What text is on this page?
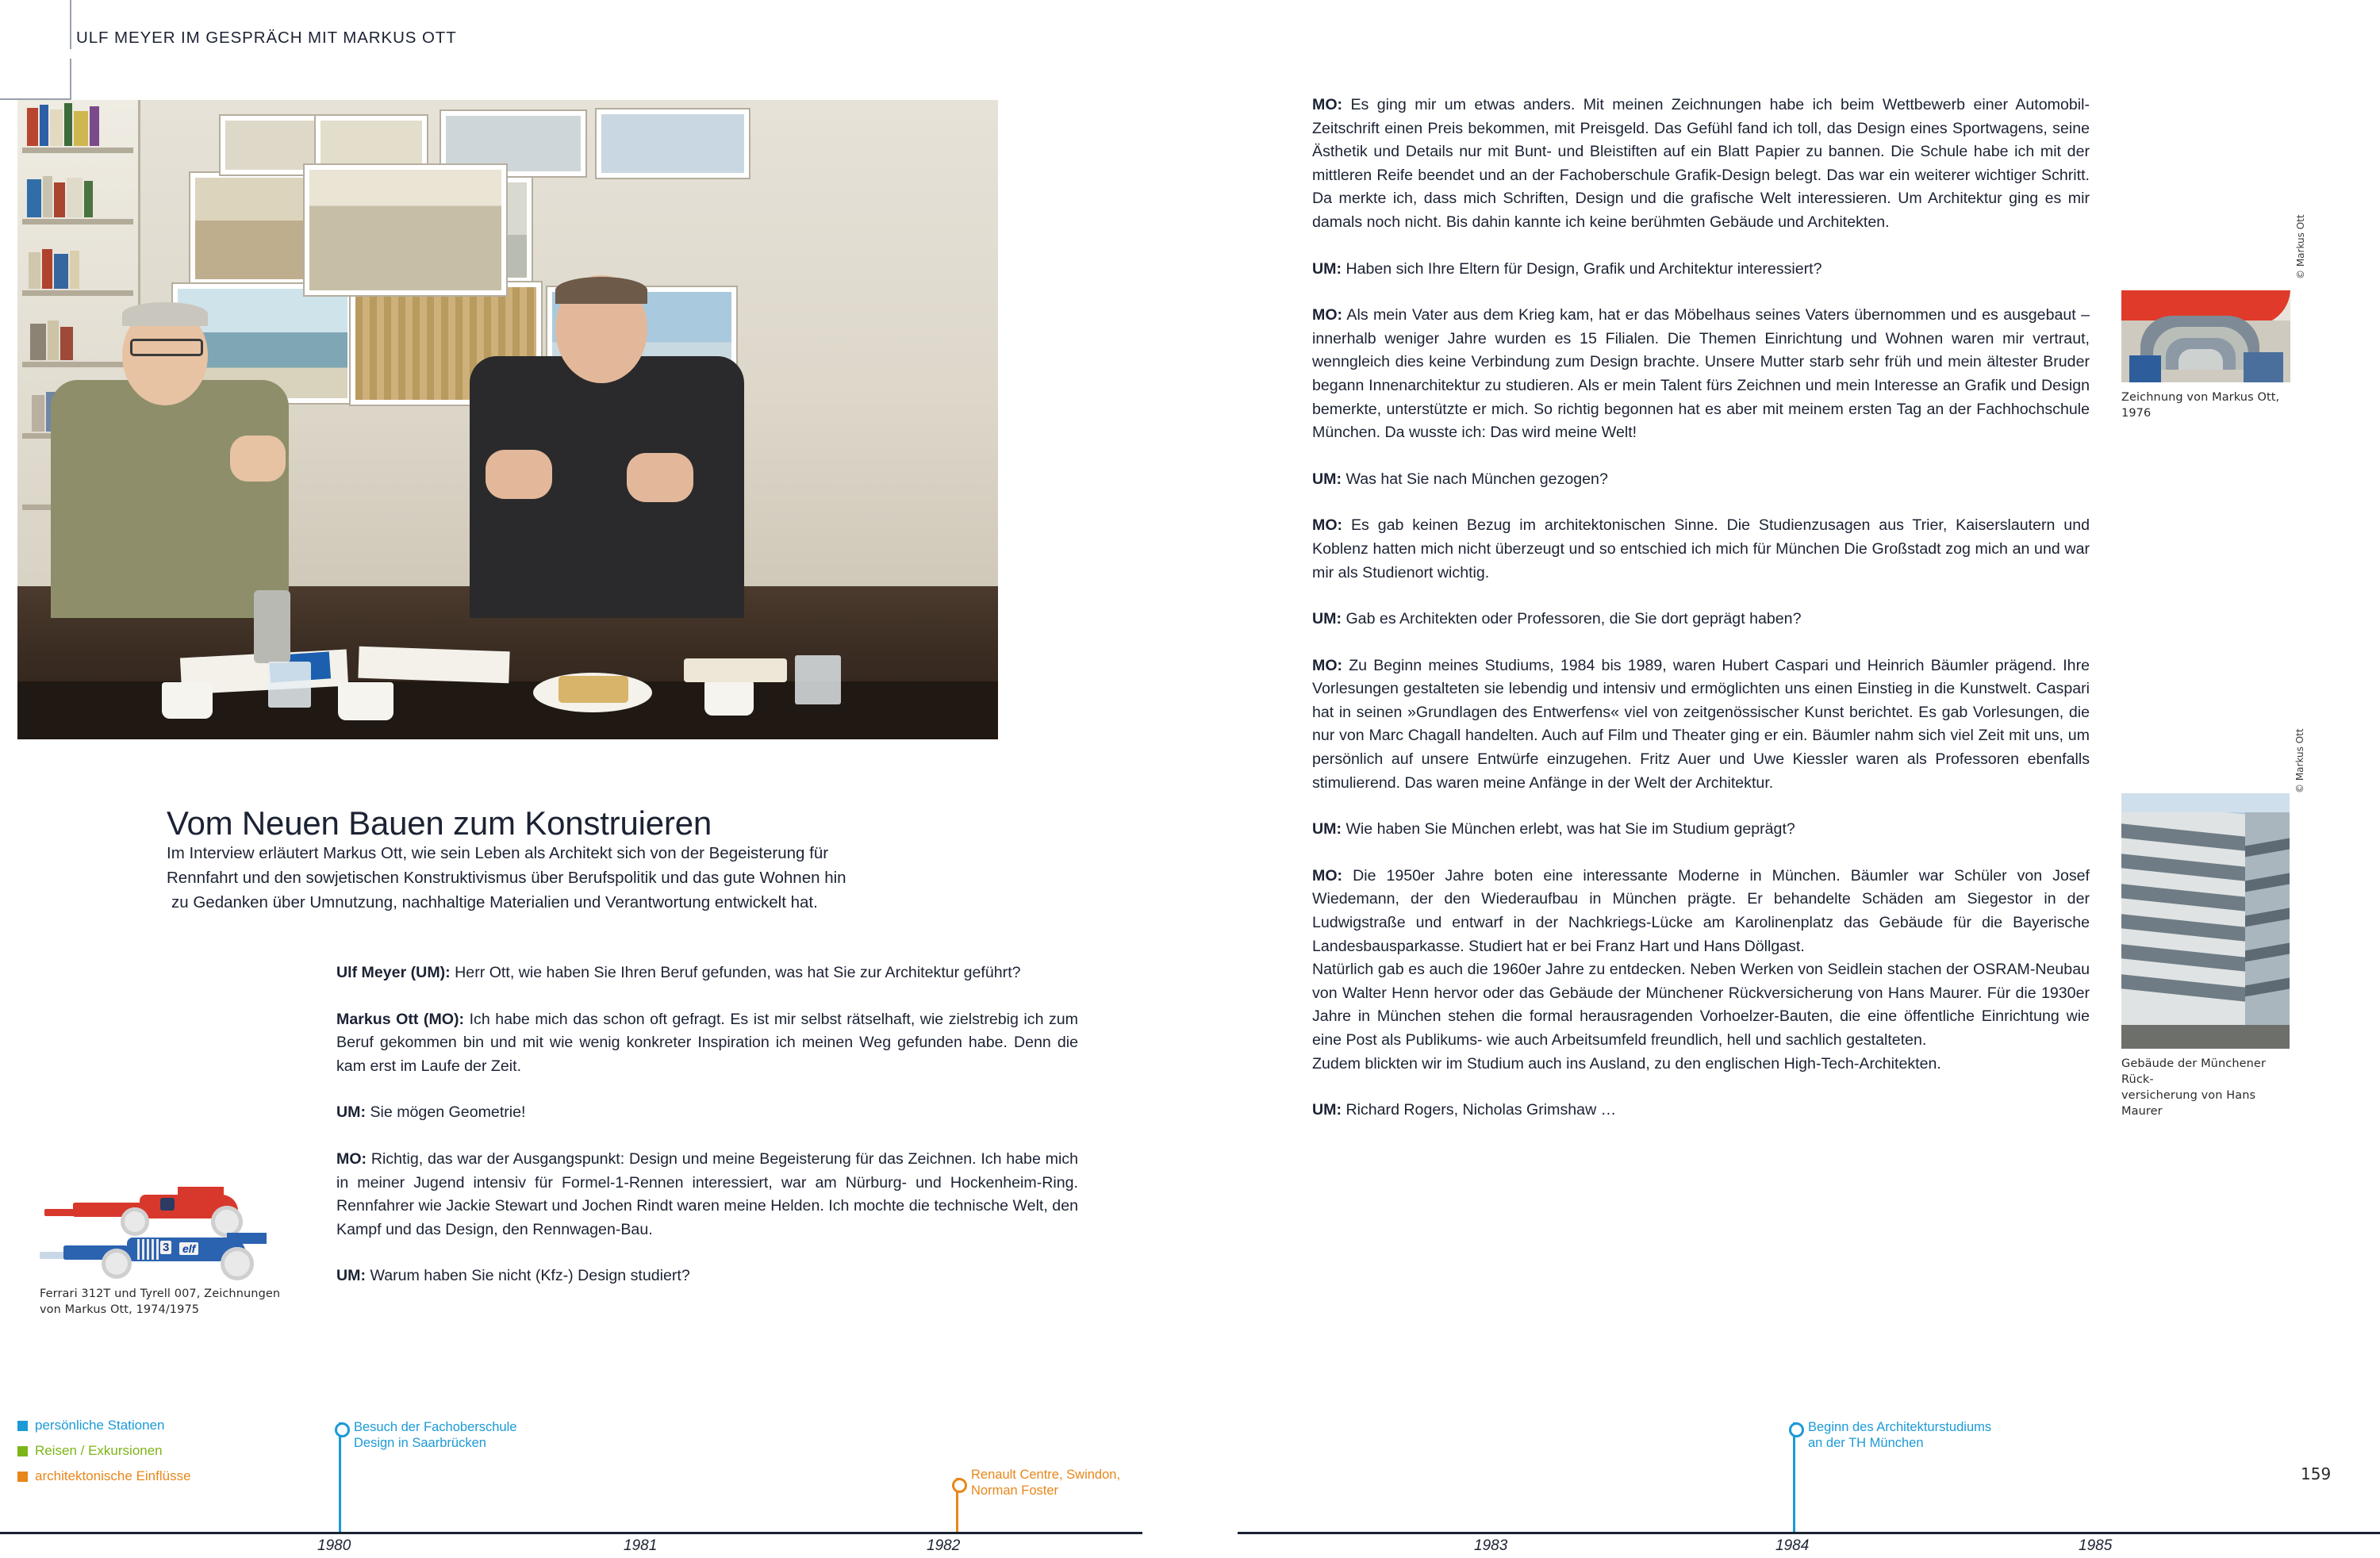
ULF MEYER IM GESPRÄCH MIT MARKUS OTT
Vom Neuen Bauen zum Konstruieren
Im Interview erläutert Markus Ott, wie sein Leben als Architekt sich von der Begeisterung für
Rennfahrt und den sowjetischen Konstruktivismus über Berufspolitik und das gute Wohnen hin
zu Gedanken über Umnutzung, nachhaltige Materialien und Verantwortung entwickelt hat.

Ulf Meyer (UM): Herr Ott, wie haben Sie Ihren Beruf gefunden, was hat Sie zur Architektur geführt?

Markus Ott (MO): Ich habe mich das schon oft gefragt. Es ist mir selbst rätselhaft, wie zielstrebig ich zum Beruf gekommen bin und mit wie wenig konkreter Inspiration ich meinen Weg gefunden habe. Denn die kam erst im Laufe der Zeit.

UM: Sie mögen Geometrie!

MO: Richtig, das war der Ausgangspunkt: Design und meine Begeisterung für das Zeichnen. Ich habe mich in meiner Jugend intensiv für Formel-1-Rennen interessiert, war am Nürburg- und Hockenheim-Ring. Rennfahrer wie Jackie Stewart und Jochen Rindt waren meine Helden. Ich mochte die technische Welt, den Kampf und das Design, den Rennwagen-Bau.

UM: Warum haben Sie nicht (Kfz-) Design studiert?

MO: Es ging mir um etwas anders. Mit meinen Zeichnungen habe ich beim Wettbewerb einer Automobil-Zeitschrift einen Preis bekommen, mit Preisgeld. Das Gefühl fand ich toll, das Design eines Sportwagens, seine Ästhetik und Details nur mit Bunt- und Bleistiften auf ein Blatt Papier zu bannen. Die Schule habe ich mit der mittleren Reife beendet und an der Fachoberschule Grafik-Design belegt. Das war ein weiterer wichtiger Schritt. Da merkte ich, dass mich Schriften, Design und die grafische Welt interessieren. Um Architektur ging es mir damals noch nicht. Bis dahin kannte ich keine berühmten Gebäude und Architekten.

UM: Haben sich Ihre Eltern für Design, Grafik und Architektur interessiert?

MO: Als mein Vater aus dem Krieg kam, hat er das Möbelhaus seines Vaters übernommen und es ausgebaut – innerhalb weniger Jahre wurden es 15 Filialen. Die Themen Einrichtung und Wohnen waren mir vertraut, wenngleich dies keine Verbindung zum Design brachte. Unsere Mutter starb sehr früh und mein ältester Bruder begann Innenarchitektur zu studieren. Als er mein Talent fürs Zeichnen und mein Interesse an Grafik und Design bemerkte, unterstützte er mich. So richtig begonnen hat es aber mit meinem ersten Tag an der Fachhochschule München. Da wusste ich: Das wird meine Welt!

UM: Was hat Sie nach München gezogen?

MO: Es gab keinen Bezug im architektonischen Sinne. Die Studienzusagen aus Trier, Kaiserslautern und Koblenz hatten mich nicht überzeugt und so entschied ich mich für München Die Großstadt zog mich an und war mir als Studienort wichtig.

UM: Gab es Architekten oder Professoren, die Sie dort geprägt haben?

MO: Zu Beginn meines Studiums, 1984 bis 1989, waren Hubert Caspari und Heinrich Bäumler prägend. Ihre Vorlesungen gestalteten sie lebendig und intensiv und ermöglichten uns einen Einstieg in die Kunstwelt. Caspari hat in seinen »Grundlagen des Entwerfens« viel von zeitgenössischer Kunst berichtet. Es gab Vorlesungen, die nur von Marc Chagall handelten. Auch auf Film und Theater ging er ein. Bäumler nahm sich viel Zeit mit uns, um persönlich auf unsere Entwürfe einzugehen. Fritz Auer und Uwe Kiessler waren als Professoren ebenfalls stimulierend. Das waren meine Anfänge in der Welt der Architektur.

UM: Wie haben Sie München erlebt, was hat Sie im Studium geprägt?

MO: Die 1950er Jahre boten eine interessante Moderne in München. Bäumler war Schüler von Josef Wiedemann, der den Wiederaufbau in München prägte. Er behandelte Schäden am Siegestor in der Ludwigstraße und entwarf in der Nachkriegs-Lücke am Karolinenplatz das Gebäude für die Bayerische Landesbausparkasse. Studiert hat er bei Franz Hart und Hans Döllgast.

Natürlich gab es auch die 1960er Jahre zu entdecken. Neben Werken von Seidlein stachen der OSRAM-Neubau von Walter Henn hervor oder das Gebäude der Münchener Rückversicherung von Hans Maurer. Für die 1930er Jahre in München stehen die formal herausragenden Vorhoelzer-Bauten, die eine öffentliche Einrichtung wie eine Post als Publikums- wie auch Arbeitsumfeld freundlich, hell und sachlich gestalteten.

Zudem blickten wir im Studium auch ins Ausland, zu den englischen High-Tech-Architekten.

UM: Richard Rogers, Nicholas Grimshaw …

3 elf
Ferrari 312T und Tyrell 007, Zeichnungen
von Markus Ott, 1974/1975
Zeichnung von Markus Ott, 1976
© Markus Ott
Gebäude der Münchener Rück-
versicherung von Hans Maurer
© Markus Ott
159
persönliche Stationen
Reisen / Exkursionen
architektonische Einflüsse
Besuch der Fachoberschule
Design in Saarbrücken
Renault Centre, Swindon,
Norman Foster
Beginn des Architekturstudiums
an der TH München
1980	1981	1982	1983	1984	1985
